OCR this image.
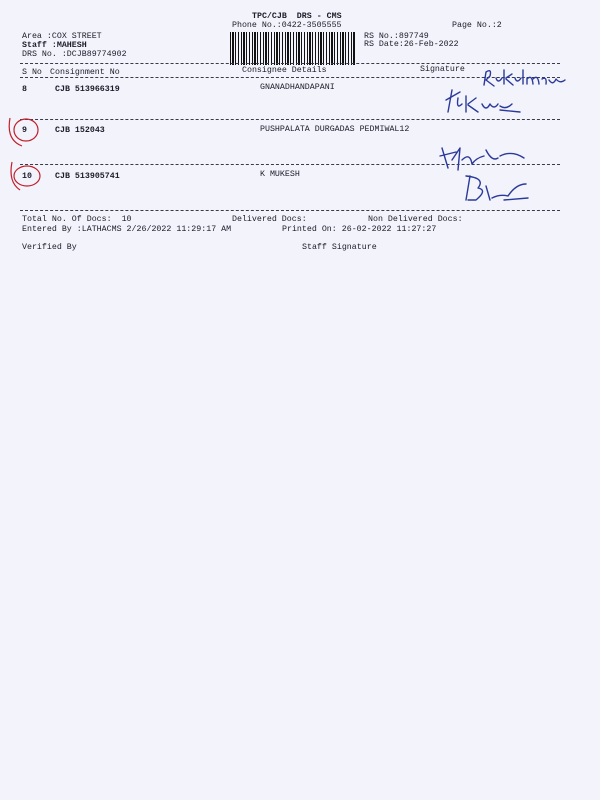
TPC/CJB  DRS - CMS
Phone No.:0422-3505555	Page No.:2
Area :COX STREET
Staff :MAHESH
DRS No. :DCJB89774902
RS No.:897749
RS Date:26-Feb-2022
S No Consignment No	Consignee Details	Signature
8	CJB 513966319	GNANADHANDAPANI
9	CJB 152043	PUSHPALATA DURGADAS PEDMIWAL12
10	CJB 513905741	K MUKESH
Total No. Of Docs:  10	Delivered Docs:	Non Delivered Docs:
Entered By :LATHACMS 2/26/2022 11:29:17 AM	Printed On: 26-02-2022 11:27:27
Verified By	Staff Signature
